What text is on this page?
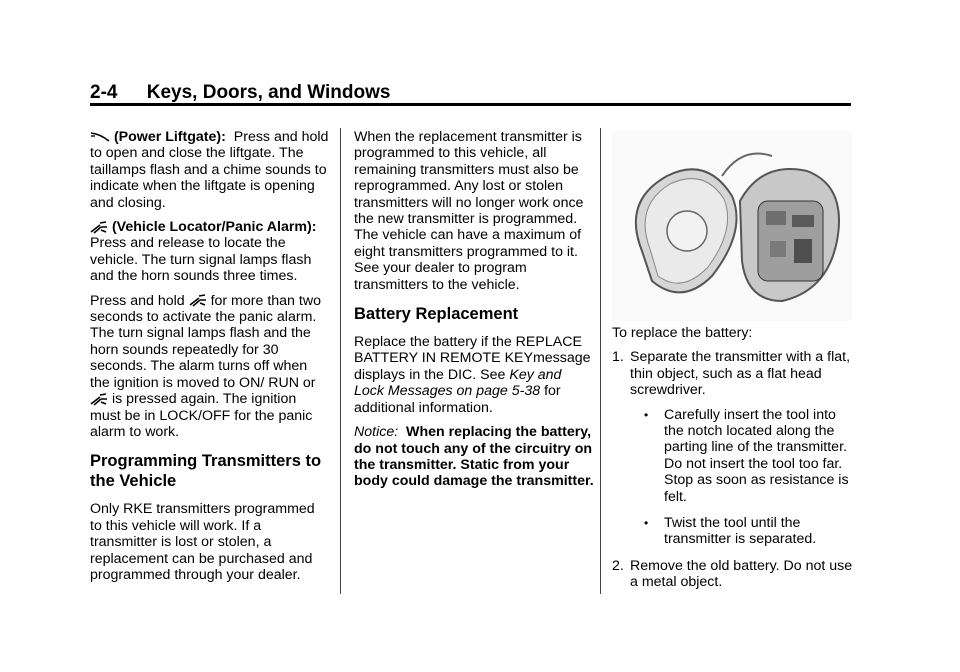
2-4 Keys, Doors, and Windows

(Power Liftgate): Press and hold to open and close the liftgate. The taillamps flash and a chime sounds to indicate when the liftgate is opening and closing.

(Vehicle Locator/Panic Alarm):  Press and release to locate the vehicle. The turn signal lamps flash and the horn sounds three times.

Press and hold for more than two seconds to activate the panic alarm. The turn signal lamps flash and the horn sounds repeatedly for 30 seconds. The alarm turns off when the ignition is moved to ON/ RUN or  is pressed again. The ignition must be in LOCK/OFF for the panic alarm to work.

Programming Transmitters to the Vehicle

Only RKE transmitters programmed to this vehicle will work. If a transmitter is lost or stolen, a replacement can be purchased and programmed through your dealer.

When the replacement transmitter is programmed to this vehicle, all remaining transmitters must also be reprogrammed. Any lost or stolen transmitters will no longer work once the new transmitter is programmed. The vehicle can have a maximum of eight transmitters programmed to it. See your dealer to program transmitters to the vehicle.

Battery Replacement

Replace the battery if the REPLACE BATTERY IN REMOTE KEYmessage displays in the DIC. See Key and Lock Messages on page 5-38 for additional information.

Notice: When replacing the battery, do not touch any of the circuitry on the transmitter. Static from your body could damage the transmitter.

To replace the battery:

1. Separate the transmitter with a flat, thin object, such as a flat head screwdriver.
•	Carefully insert the tool into the notch located along the parting line of the transmitter. Do not insert the tool too far. Stop as soon as resistance is felt.
•	Twist the tool until the transmitter is separated.
2. Remove the old battery. Do not use a metal object.
